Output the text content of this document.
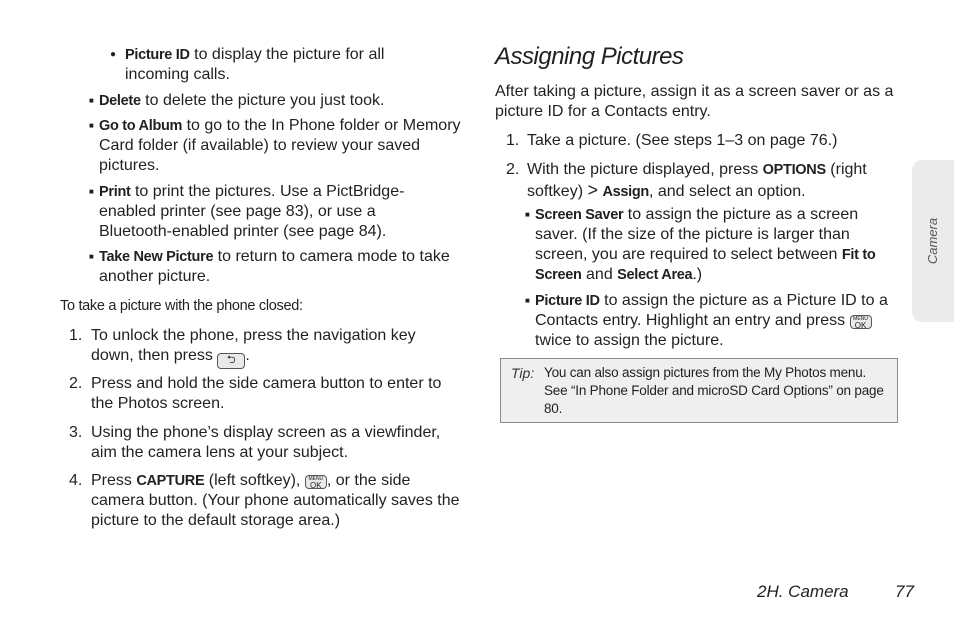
● Picture ID to display the picture for all incoming calls.
■ Delete to delete the picture you just took.
■ Go to Album to go to the In Phone folder or Memory Card folder (if available) to review your saved pictures.
■ Print to print the pictures. Use a PictBridge-enabled printer (see page 83), or use a Bluetooth-enabled printer (see page 84).
■ Take New Picture to return to camera mode to take another picture.
To take a picture with the phone closed:
1. To unlock the phone, press the navigation key down, then press ⮌ .
2. Press and hold the side camera button to enter to the Photos screen.
3. Using the phone’s display screen as a viewfinder, aim the camera lens at your subject.
4. Press CAPTURE (left softkey), MENU
OK , or the side camera button. (Your phone automatically saves the picture to the default storage area.)
Assigning Pictures
After taking a picture, assign it as a screen saver or as a picture ID for a Contacts entry.
1. Take a picture. (See steps 1–3 on page 76.)
2. With the picture displayed, press OPTIONS (right softkey) > Assign, and select an option.
■ Screen Saver to assign the picture as a screen saver. (If the size of the picture is larger than screen, you are required to select between Fit to Screen and Select Area.)
■ Picture ID to assign the picture as a Picture ID to a Contacts entry. Highlight an entry and press	MENU
OK
twice to assign the picture.
Tip: You can also assign pictures from the My Photos menu. See “In Phone Folder and microSD Card Options” on page 80.
Camera
2H. Camera	77
